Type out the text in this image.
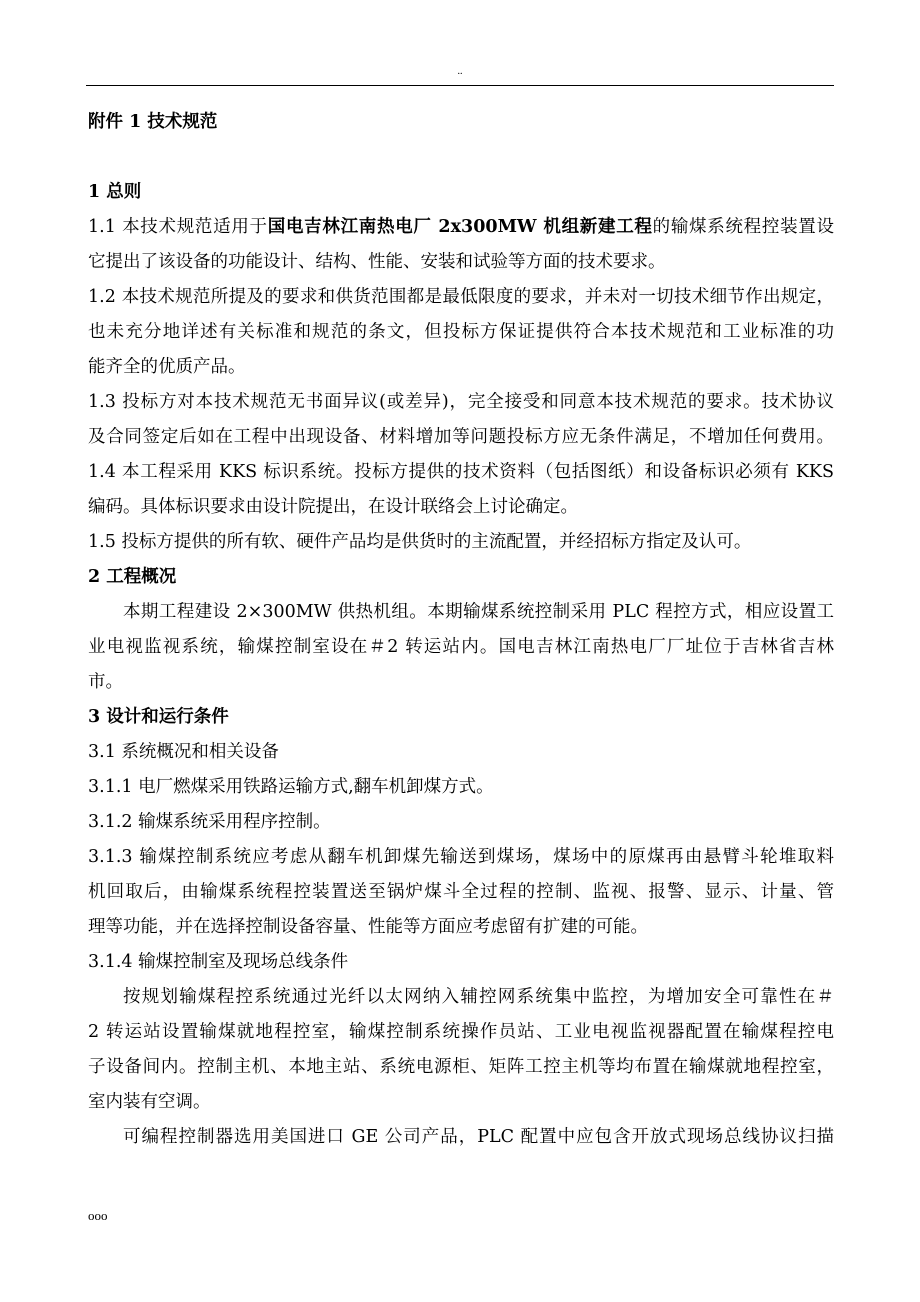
..
附件 1 技术规范
1 总则
1.1 本技术规范适用于国电吉林江南热电厂 2x300MW 机组新建工程的输煤系统程控装置设
它提出了该设备的功能设计、结构、性能、安装和试验等方面的技术要求。
1.2 本技术规范所提及的要求和供货范围都是最低限度的要求，并未对一切技术细节作出规定，
也未充分地详述有关标准和规范的条文，但投标方保证提供符合本技术规范和工业标准的功
能齐全的优质产品。
1.3 投标方对本技术规范无书面异议(或差异)，完全接受和同意本技术规范的要求。技术协议
及合同签定后如在工程中出现设备、材料增加等问题投标方应无条件满足，不增加任何费用。
1.4 本工程采用 KKS 标识系统。投标方提供的技术资料（包括图纸）和设备标识必须有 KKS
编码。具体标识要求由设计院提出，在设计联络会上讨论确定。
1.5 投标方提供的所有软、硬件产品均是供货时的主流配置，并经招标方指定及认可。
2 工程概况
本期工程建设 2×300MW 供热机组。本期输煤系统控制采用 PLC 程控方式，相应设置工
业电视监视系统，输煤控制室设在＃2 转运站内。国电吉林江南热电厂厂址位于吉林省吉林
市。
3 设计和运行条件
3.1 系统概况和相关设备
3.1.1 电厂燃煤采用铁路运输方式,翻车机卸煤方式。
3.1.2 输煤系统采用程序控制。
3.1.3 输煤控制系统应考虑从翻车机卸煤先输送到煤场，煤场中的原煤再由悬臂斗轮堆取料
机回取后，由输煤系统程控装置送至锅炉煤斗全过程的控制、监视、报警、显示、计量、管
理等功能，并在选择控制设备容量、性能等方面应考虑留有扩建的可能。
3.1.4 输煤控制室及现场总线条件
按规划输煤程控系统通过光纤以太网纳入辅控网系统集中监控，为增加安全可靠性在＃
2 转运站设置输煤就地程控室，输煤控制系统操作员站、工业电视监视器配置在输煤程控电
子设备间内。控制主机、本地主站、系统电源柜、矩阵工控主机等均布置在输煤就地程控室，
室内装有空调。
可编程控制器选用美国进口 GE 公司产品，PLC 配置中应包含开放式现场总线协议扫描
ooo
